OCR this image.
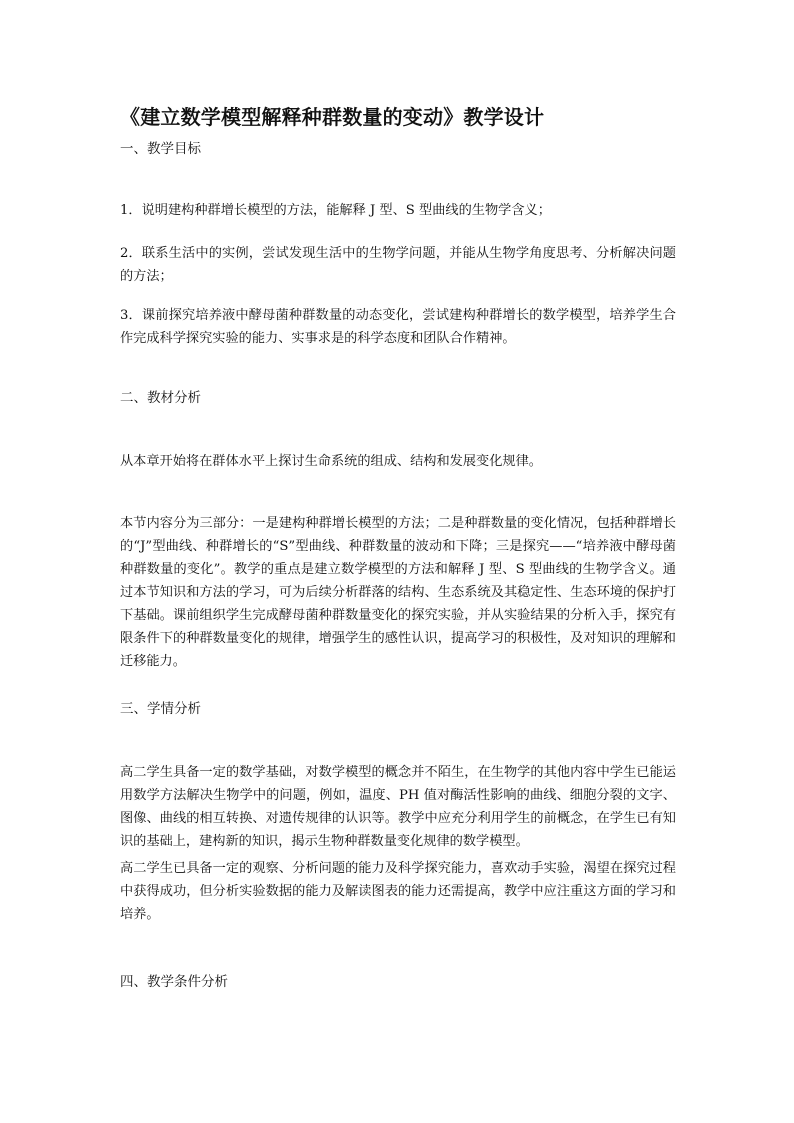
《建立数学模型解释种群数量的变动》教学设计

一、教学目标

1．说明建构种群增长模型的方法，能解释 J 型、S 型曲线的生物学含义；

2．联系生活中的实例，尝试发现生活中的生物学问题，并能从生物学角度思考、分析解决问题的方法；

3．课前探究培养液中酵母菌种群数量的动态变化，尝试建构种群增长的数学模型，培养学生合作完成科学探究实验的能力、实事求是的科学态度和团队合作精神。

二、教材分析

从本章开始将在群体水平上探讨生命系统的组成、结构和发展变化规律。

本节内容分为三部分：一是建构种群增长模型的方法；二是种群数量的变化情况，包括种群增长的“J”型曲线、种群增长的“S”型曲线、种群数量的波动和下降；三是探究——“培养液中酵母菌种群数量的变化”。教学的重点是建立数学模型的方法和解释 J 型、S 型曲线的生物学含义。通过本节知识和方法的学习，可为后续分析群落的结构、生态系统及其稳定性、生态环境的保护打下基础。课前组织学生完成酵母菌种群数量变化的探究实验，并从实验结果的分析入手，探究有限条件下的种群数量变化的规律，增强学生的感性认识，提高学习的积极性，及对知识的理解和迁移能力。

三、学情分析

高二学生具备一定的数学基础，对数学模型的概念并不陌生，在生物学的其他内容中学生已能运用数学方法解决生物学中的问题，例如，温度、PH 值对酶活性影响的曲线、细胞分裂的文字、图像、曲线的相互转换、对遗传规律的认识等。教学中应充分利用学生的前概念，在学生已有知识的基础上，建构新的知识，揭示生物种群数量变化规律的数学模型。

高二学生已具备一定的观察、分析问题的能力及科学探究能力，喜欢动手实验，渴望在探究过程中获得成功，但分析实验数据的能力及解读图表的能力还需提高，教学中应注重这方面的学习和培养。

四、教学条件分析
